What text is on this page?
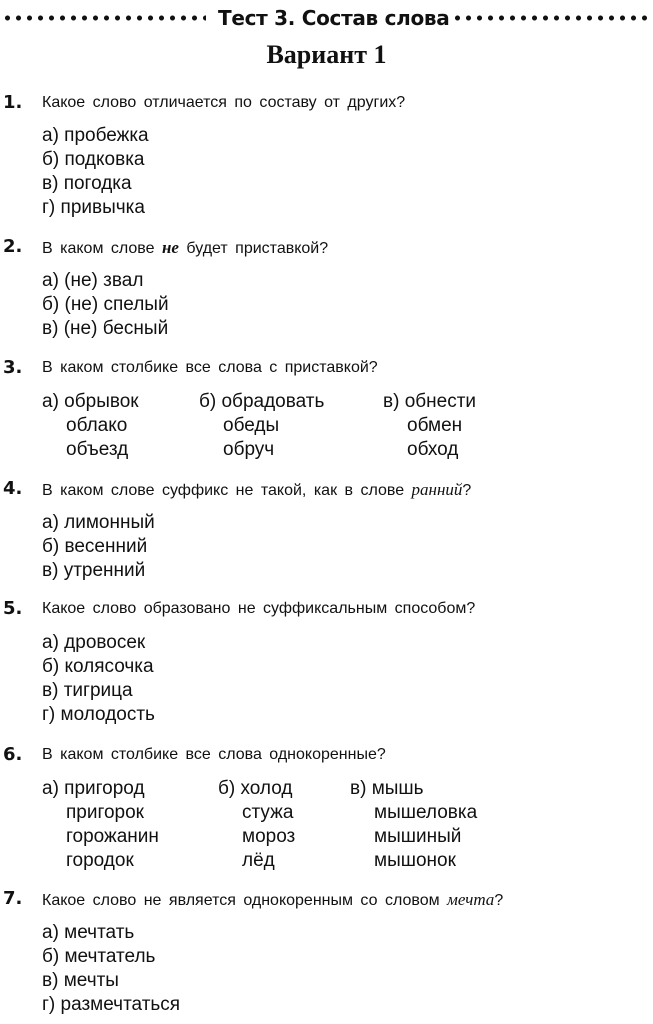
Тест 3. Состав слова
Вариант 1
1. Какое слово отличается по составу от других?
а) пробежка
б) подковка
в) погодка
г) привычка
2. В каком слове не будет приставкой?
а) (не) звал
б) (не) спелый
в) (не) бесный
3. В каком столбике все слова с приставкой?
а) обрывок
облако
объезд
б) обрадовать
обеды
обруч
в) обнести
обмен
обход
4. В каком слове суффикс не такой, как в слове ранний?
а) лимонный
б) весенний
в) утренний
5. Какое слово образовано не суффиксальным способом?
а) дровосек
б) колясочка
в) тигрица
г) молодость
6. В каком столбике все слова однокоренные?
а) пригород
пригорок
горожанин
городок
б) холод
стужа
мороз
лёд
в) мышь
мышеловка
мышиный
мышонок
7. Какое слово не является однокоренным со словом мечта?
а) мечтать
б) мечтатель
в) мечты
г) размечтаться
